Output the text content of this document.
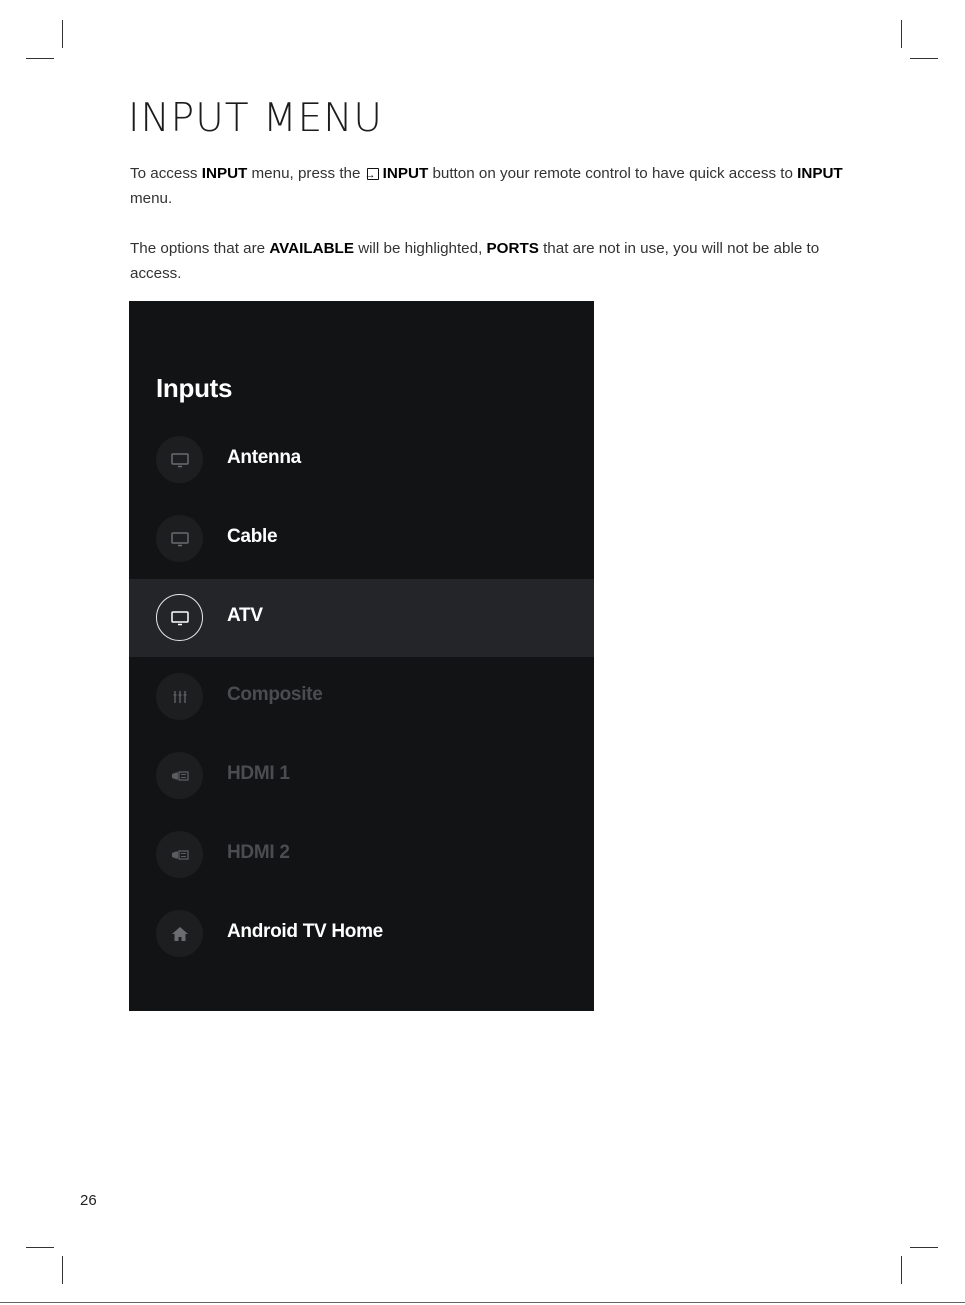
INPUT MENU

To access INPUT menu, press the →INPUT button on your remote control to have quick access to INPUT menu.

The options that are AVAILABLE will be highlighted, PORTS that are not in use, you will not be able to access.

Inputs
Antenna
Cable
ATV
Composite
HDMI 1
HDMI 2
Android TV Home
26
